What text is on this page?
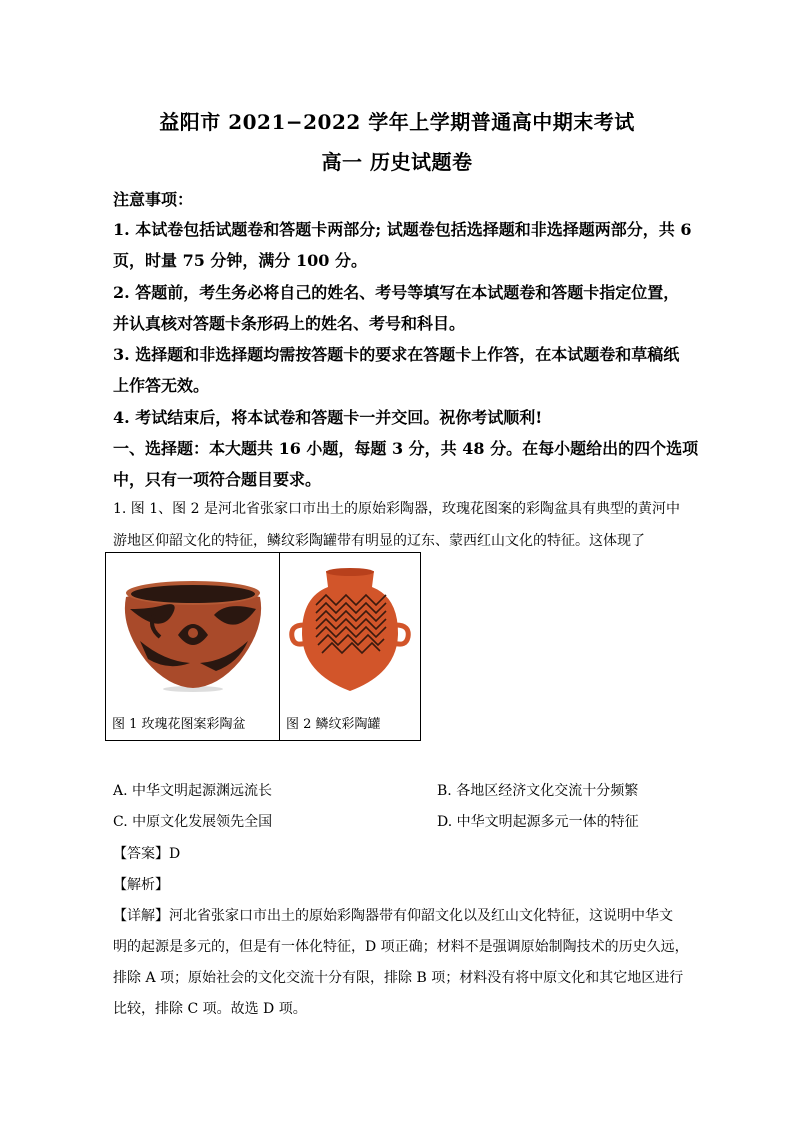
益阳市 2021−2022 学年上学期普通高中期末考试
高一 历史试题卷
注意事项：
1. 本试卷包括试题卷和答题卡两部分; 试题卷包括选择题和非选择题两部分，共 6
页，时量 75 分钟，满分 100 分。
2. 答题前，考生务必将自己的姓名、考号等填写在本试题卷和答题卡指定位置，
并认真核对答题卡条形码上的姓名、考号和科目。
3. 选择题和非选择题均需按答题卡的要求在答题卡上作答，在本试题卷和草稿纸
上作答无效。
4. 考试结束后，将本试卷和答题卡一并交回。祝你考试顺利!
一、选择题：本大题共 16 小题，每题 3 分，共 48 分。在每小题给出的四个选项
中，只有一项符合题目要求。
1. 图 1、图 2 是河北省张家口市出土的原始彩陶器，玫瑰花图案的彩陶盆具有典型的黄河中
游地区仰韶文化的特征，鳞纹彩陶罐带有明显的辽东、蒙西红山文化的特征。这体现了
图 1 玫瑰花图案彩陶盆	图 2 鳞纹彩陶罐
A. 中华文明起源渊远流长	B. 各地区经济文化交流十分频繁
C. 中原文化发展领先全国	D. 中华文明起源多元一体的特征
【答案】D
【解析】
【详解】河北省张家口市出土的原始彩陶器带有仰韶文化以及红山文化特征，这说明中华文
明的起源是多元的，但是有一体化特征，D 项正确；材料不是强调原始制陶技术的历史久远，
排除 A 项；原始社会的文化交流十分有限，排除 B 项；材料没有将中原文化和其它地区进行
比较，排除 C 项。故选 D 项。
